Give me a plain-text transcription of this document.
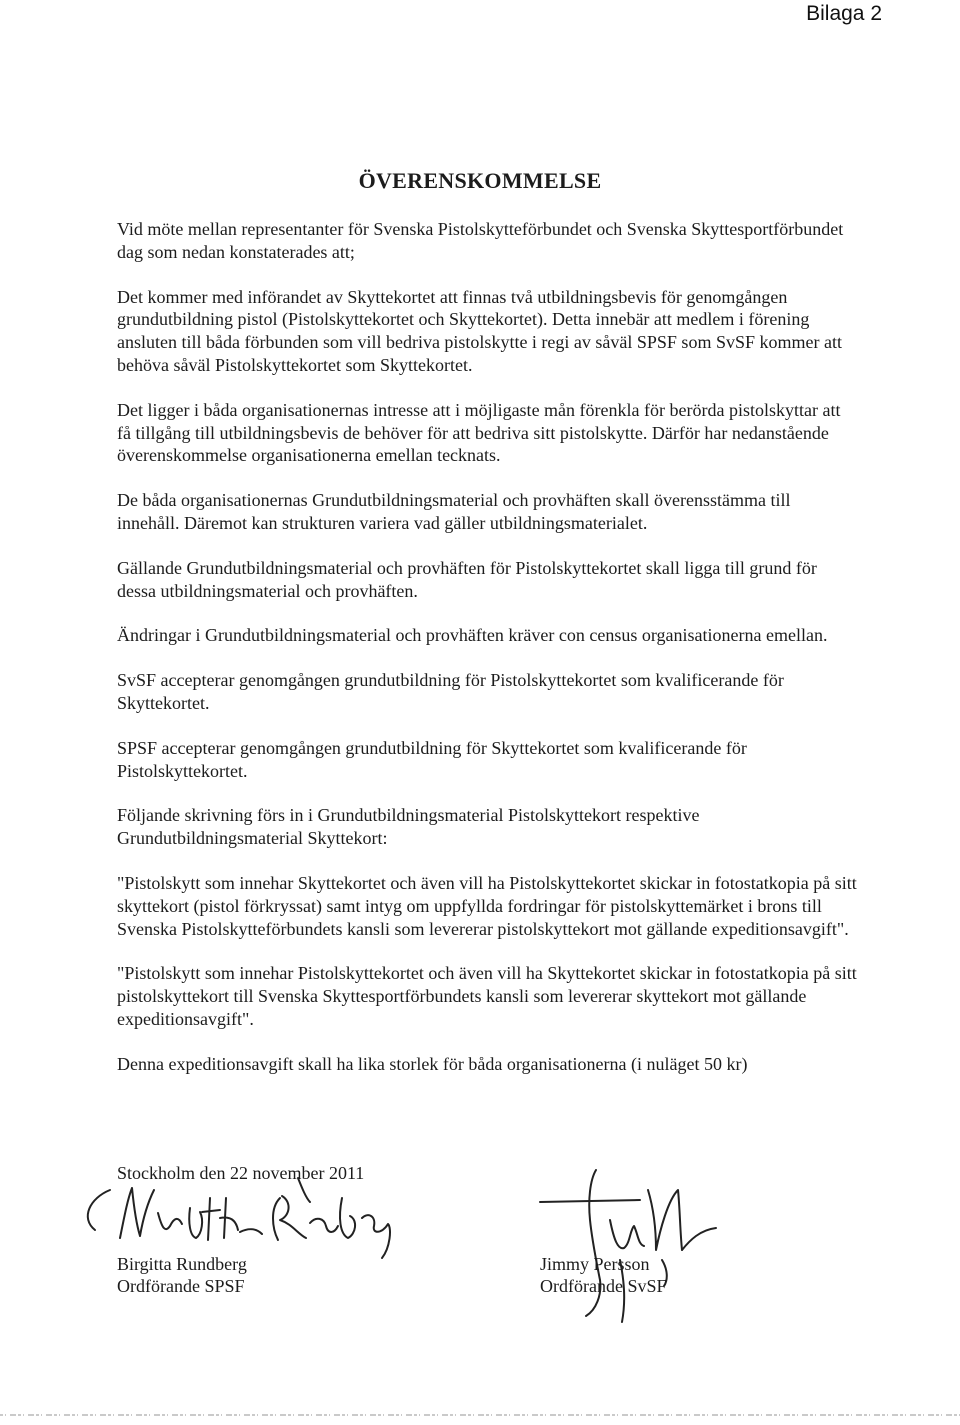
Bilaga 2
ÖVERENSKOMMELSE

Vid möte mellan representanter för Svenska Pistolskytteförbundet och Svenska Skyttesportförbundet dag som nedan konstaterades att;

Det kommer med införandet av Skyttekortet att finnas två utbildningsbevis för genomgången grundutbildning pistol (Pistolskyttekortet och Skyttekortet). Detta innebär att medlem i förening ansluten till båda förbunden som vill bedriva pistolskytte i regi av såväl SPSF som SvSF kommer att behöva såväl Pistolskyttekortet som Skyttekortet.

Det ligger i båda organisationernas intresse att i möjligaste mån förenkla för berörda pistolskyttar att få tillgång till utbildningsbevis de behöver för att bedriva sitt pistolskytte. Därför har nedanstående överenskommelse organisationerna emellan tecknats.

De båda organisationernas Grundutbildningsmaterial och provhäften skall överensstämma till innehåll. Däremot kan strukturen variera vad gäller utbildningsmaterialet.

Gällande Grundutbildningsmaterial och provhäften för Pistolskyttekortet skall ligga till grund för dessa utbildningsmaterial och provhäften.

Ändringar i Grundutbildningsmaterial och provhäften kräver con census organisationerna emellan.

SvSF accepterar genomgången grundutbildning för Pistolskyttekortet som kvalificerande för Skyttekortet.

SPSF accepterar genomgången grundutbildning för Skyttekortet som kvalificerande för Pistolskyttekortet.

Följande skrivning förs in i Grundutbildningsmaterial Pistolskyttekort respektive Grundutbildningsmaterial Skyttekort:

"Pistolskytt som innehar Skyttekortet och även vill ha Pistolskyttekortet skickar in fotostatkopia på sitt skyttekort (pistol förkryssat) samt intyg om uppfyllda fordringar för pistolskyttemärket i brons till Svenska Pistolskytteförbundets kansli som levererar pistolskyttekort mot gällande expeditionsavgift".

"Pistolskytt som innehar Pistolskyttekortet och även vill ha Skyttekortet skickar in fotostatkopia på sitt pistolskyttekort till Svenska Skyttesportförbundets kansli som levererar skyttekort mot gällande expeditionsavgift".

Denna expeditionsavgift skall ha lika storlek för båda organisationerna (i nuläget 50 kr)

Stockholm den 22 november 2011
Birgitta Rundberg
Ordförande SPSF
Jimmy Persson
Ordförande SvSF
